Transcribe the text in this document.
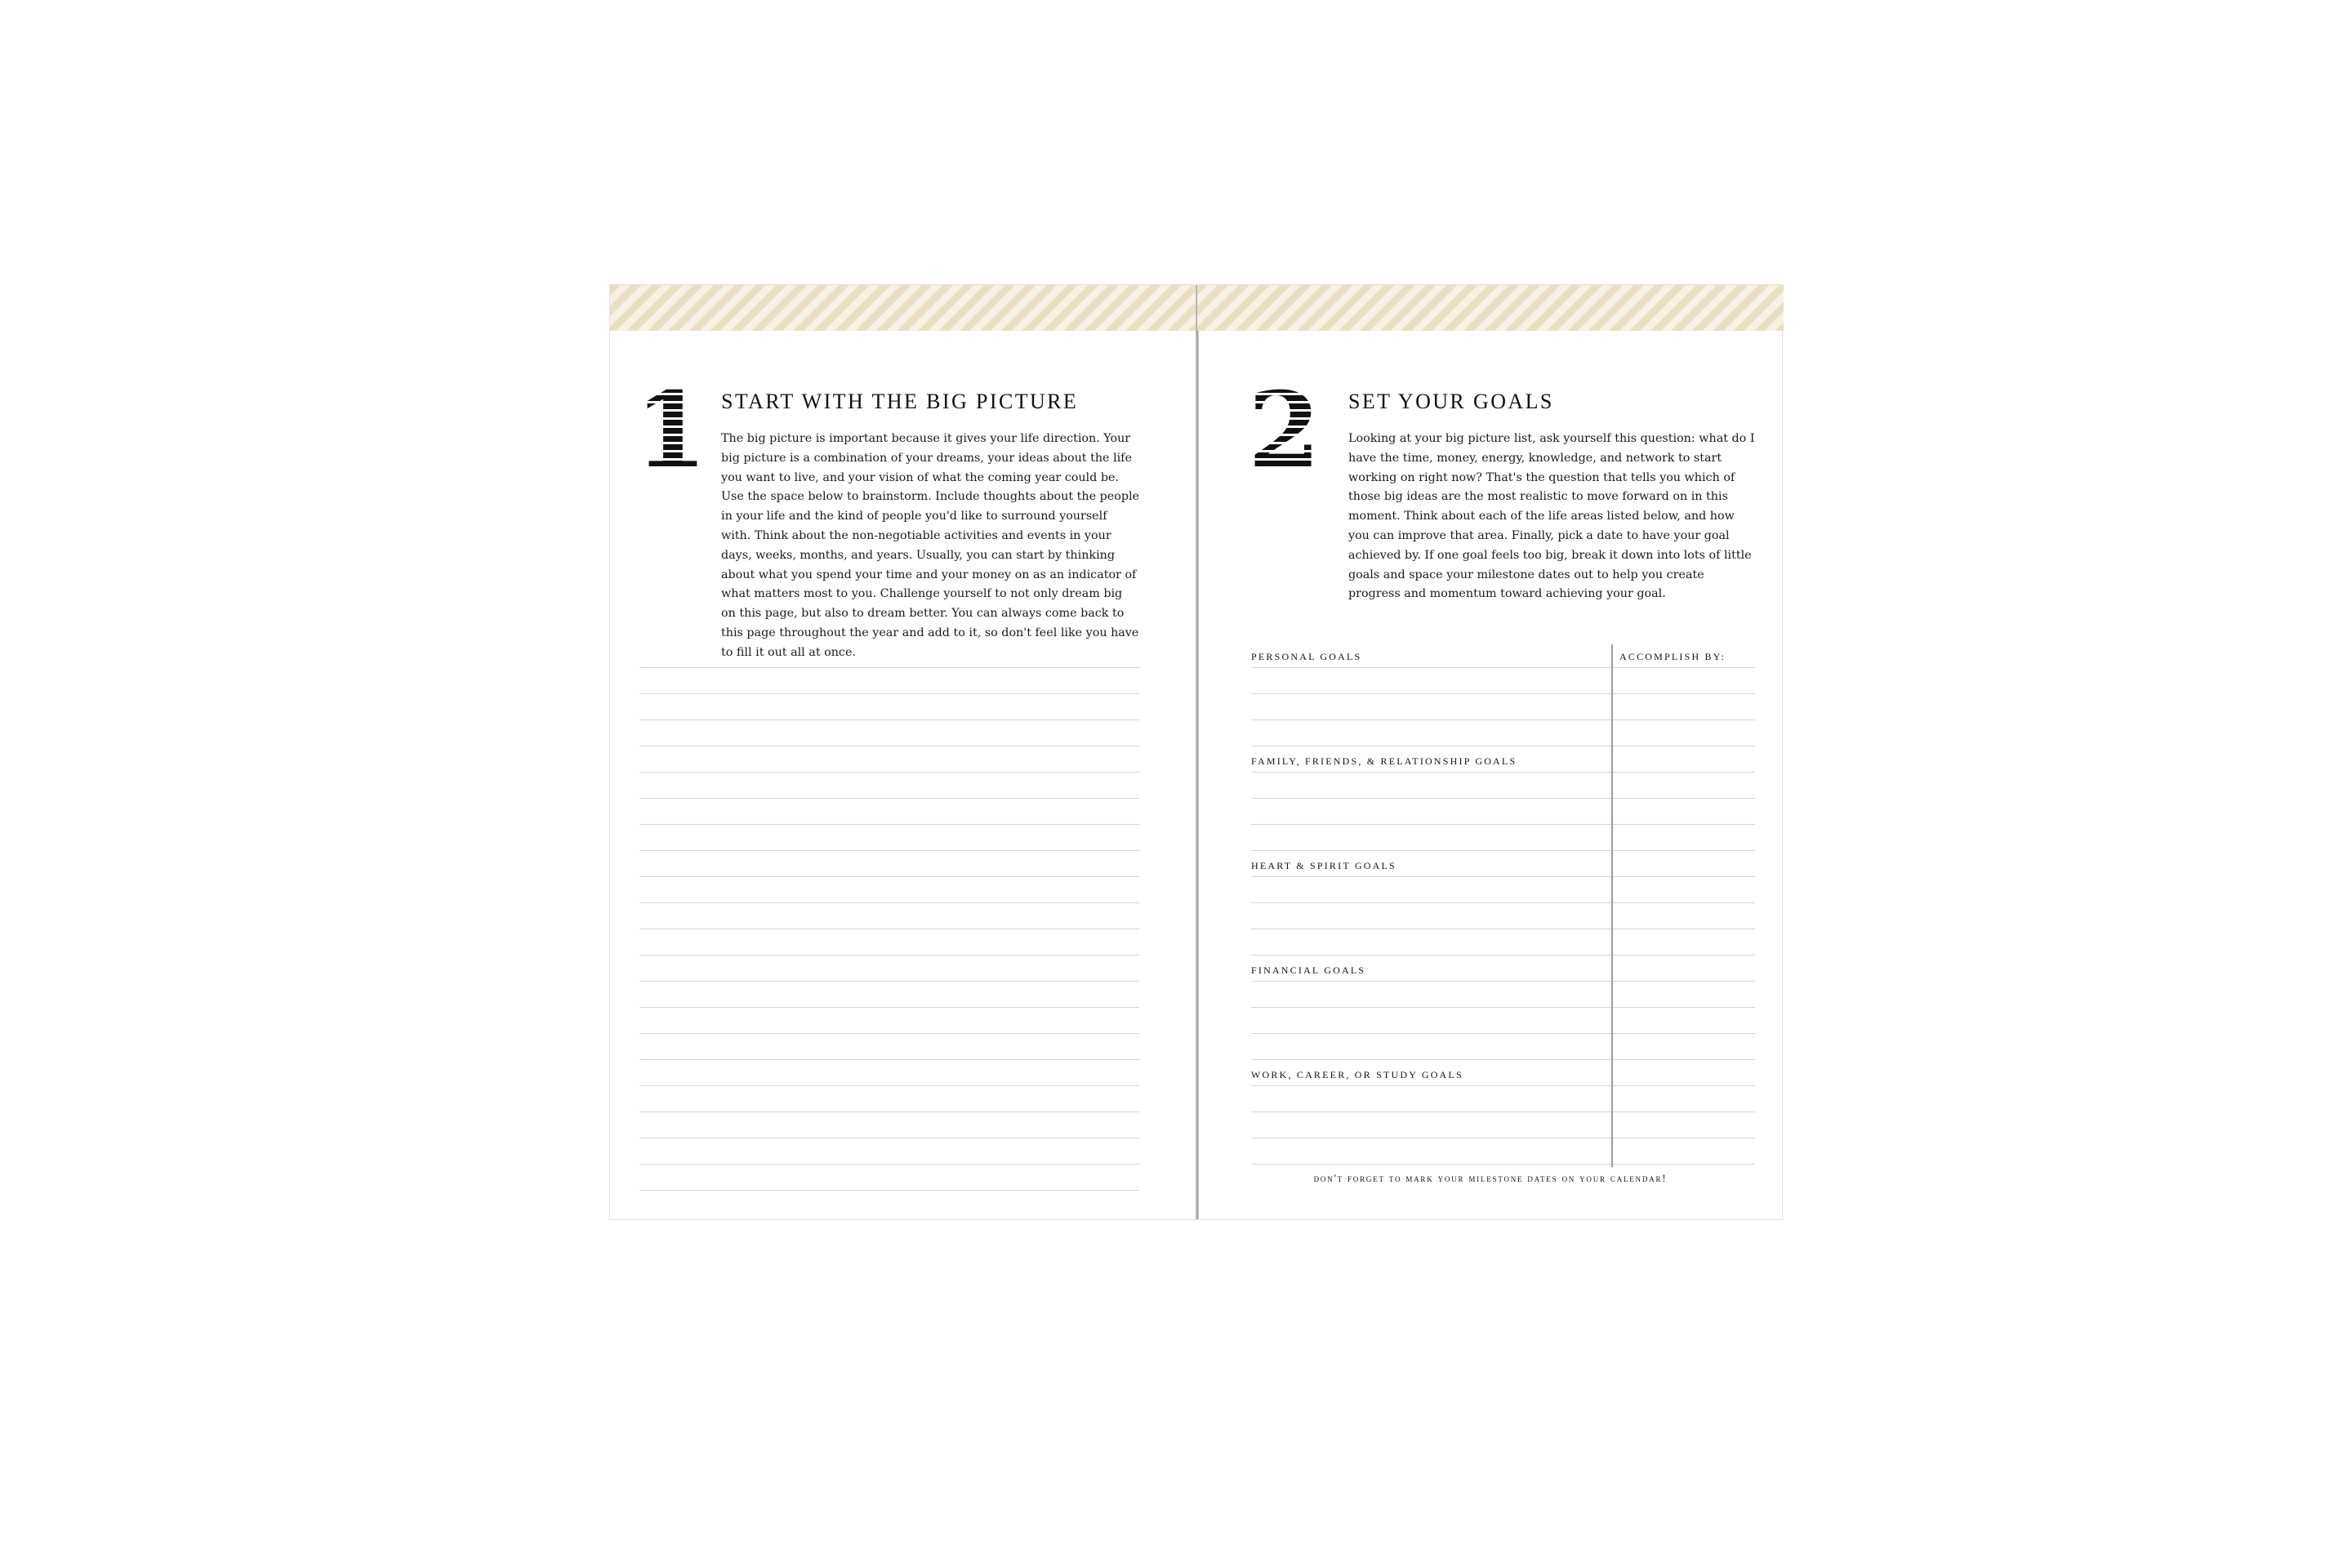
1 START WITH THE BIG PICTURE

The big picture is important because it gives your life direction. Your big picture is a combination of your dreams, your ideas about the life you want to live, and your vision of what the coming year could be. Use the space below to brainstorm. Include thoughts about the people in your life and the kind of people you'd like to surround yourself with. Think about the non-negotiable activities and events in your days, weeks, months, and years. Usually, you can start by thinking about what you spend your time and your money on as an indicator of what matters most to you. Challenge yourself to not only dream big on this page, but also to dream better. You can always come back to this page throughout the year and add to it, so don't feel like you have to fill it out all at once.

2 SET YOUR GOALS

Looking at your big picture list, ask yourself this question: what do I have the time, money, energy, knowledge, and network to start working on right now? That's the question that tells you which of those big ideas are the most realistic to move forward on in this moment. Think about each of the life areas listed below, and how you can improve that area. Finally, pick a date to have your goal achieved by. If one goal feels too big, break it down into lots of little goals and space your milestone dates out to help you create progress and momentum toward achieving your goal.

ACCOMPLISH BY:
PERSONAL GOALS
FAMILY, FRIENDS, & RELATIONSHIP GOALS
HEART & SPIRIT GOALS
FINANCIAL GOALS
WORK, CAREER, OR STUDY GOALS
don't forget to mark your milestone dates on your calendar!
